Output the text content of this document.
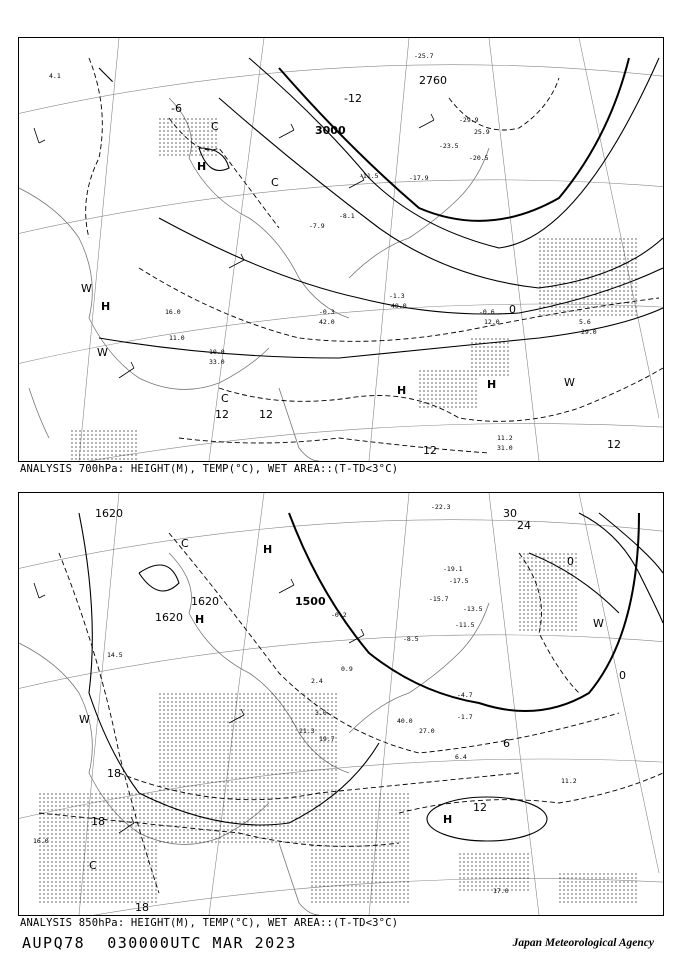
3000
2760
-6
-12
0
12	12
12	12
H
H
H	H
W
W
W
C
C
C
-25.7
-29.9
-23.5
-20.5
25.9
-17.9
-11.5
-8.1
-7.9
-1.3
-0.3	-0.6
5.6
11.2
11.0
10.0
16.0
4.1
12.0
29.0
31.0
40.0
42.0
33.0
ANALYSIS 700hPa: HEIGHT(M), TEMP(°C), WET AREA::(T-TD<3°C)
1500
1620
1620
1620
0
6
12
18
18
18
24
30
0
H
H
H
C
C
W
W
-22.3
-19.1
-17.5
-15.7
-13.5
-11.5
-8.5
-4.7
-1.7
-0.2
0.9
2.4
3.0
6.4
11.2
14.5
16.0
17.0
19.7
21.3	27.0
40.0
ANALYSIS 850hPa: HEIGHT(M), TEMP(°C), WET AREA::(T-TD<3°C)
AUPQ78 030000UTC MAR 2023	Japan Meteorological Agency
